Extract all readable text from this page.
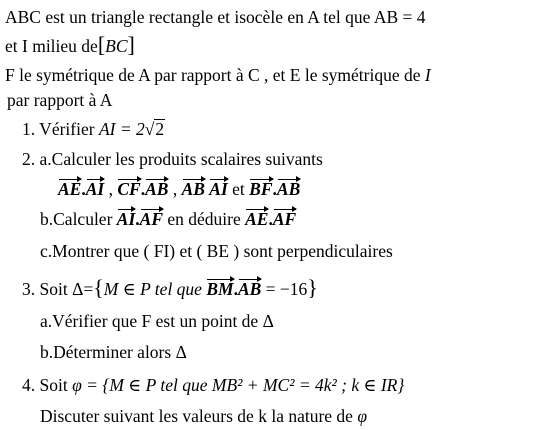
ABC est un triangle rectangle et isocèle en A tel que AB = 4
et I milieu de[BC]
F le symétrique de A par rapport à C , et E le symétrique de I
par rapport à A
1. Vérifier AI = 2√2
2. a.Calculer les produits scalaires suivants
AE.AI , CF.AB , AB AI et BF.AB
b.Calculer AI.AF en déduire AE.AF
c.Montrer que ( FI) et ( BE ) sont perpendiculaires
3. Soit Δ={M ∈ P tel que BM.AB = −16}
a.Vérifier que F est un point de Δ
b.Déterminer alors Δ
4. Soit φ = {M ∈ P tel que MB² + MC² = 4k² ; k ∈ IR}
Discuter suivant les valeurs de k la nature de φ
